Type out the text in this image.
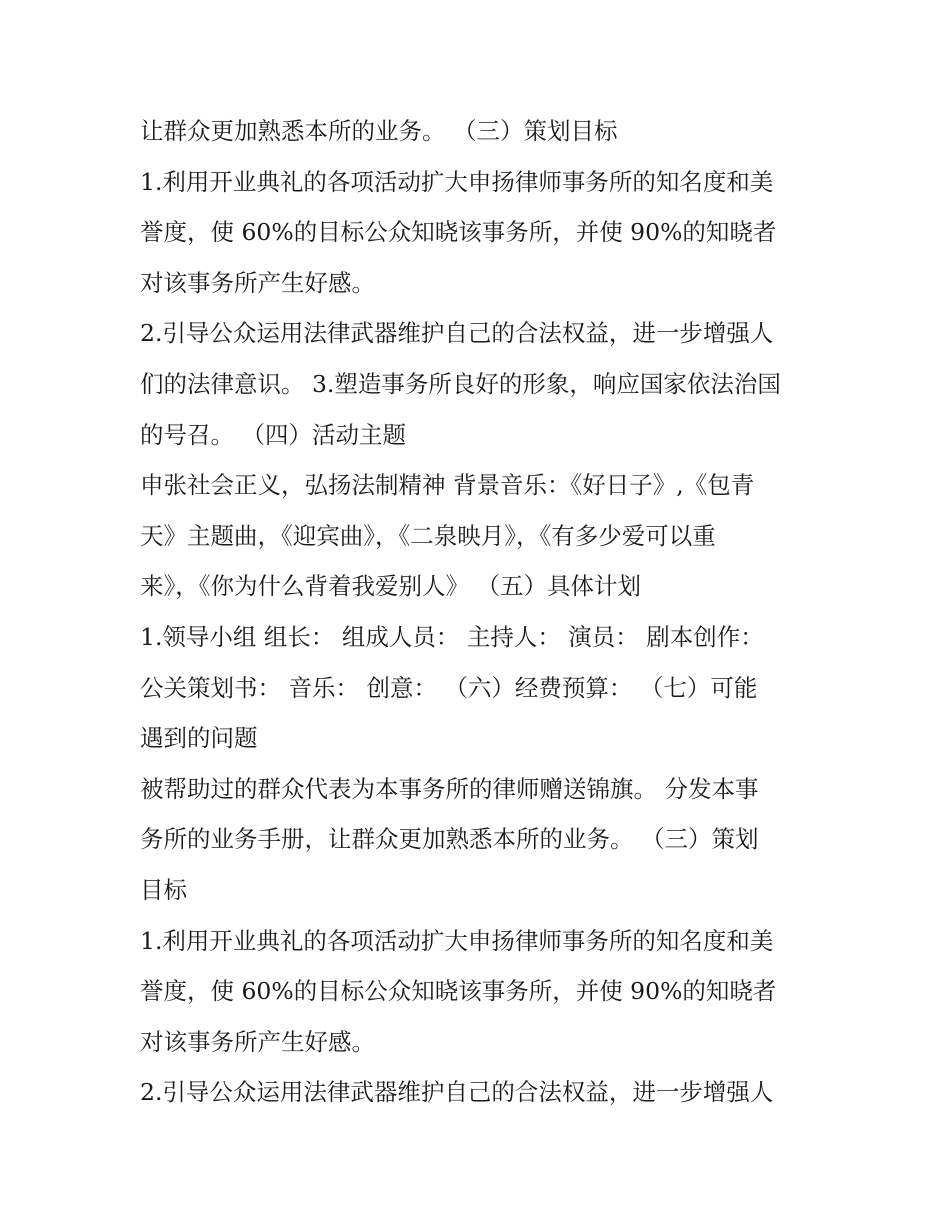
让群众更加熟悉本所的业务。 （三）策划目标
1.利用开业典礼的各项活动扩大申扬律师事务所的知名度和美
誉度，使 60%的目标公众知晓该事务所，并使 90%的知晓者
对该事务所产生好感。
2.引导公众运用法律武器维护自己的合法权益，进一步增强人
们的法律意识。 3.塑造事务所良好的形象，响应国家依法治国
的号召。 （四）活动主题
申张社会正义，弘扬法制精神 背景音乐：《好日子》,《包青
天》主题曲，《迎宾曲》，《二泉映月》，《有多少爱可以重
来》，《你为什么背着我爱别人》 （五）具体计划
1.领导小组 组长： 组成人员： 主持人： 演员： 剧本创作：
公关策划书： 音乐： 创意： （六）经费预算： （七）可能
遇到的问题
被帮助过的群众代表为本事务所的律师赠送锦旗。 分发本事
务所的业务手册，让群众更加熟悉本所的业务。 （三）策划
目标
1.利用开业典礼的各项活动扩大申扬律师事务所的知名度和美
誉度，使 60%的目标公众知晓该事务所，并使 90%的知晓者
对该事务所产生好感。
2.引导公众运用法律武器维护自己的合法权益，进一步增强人
